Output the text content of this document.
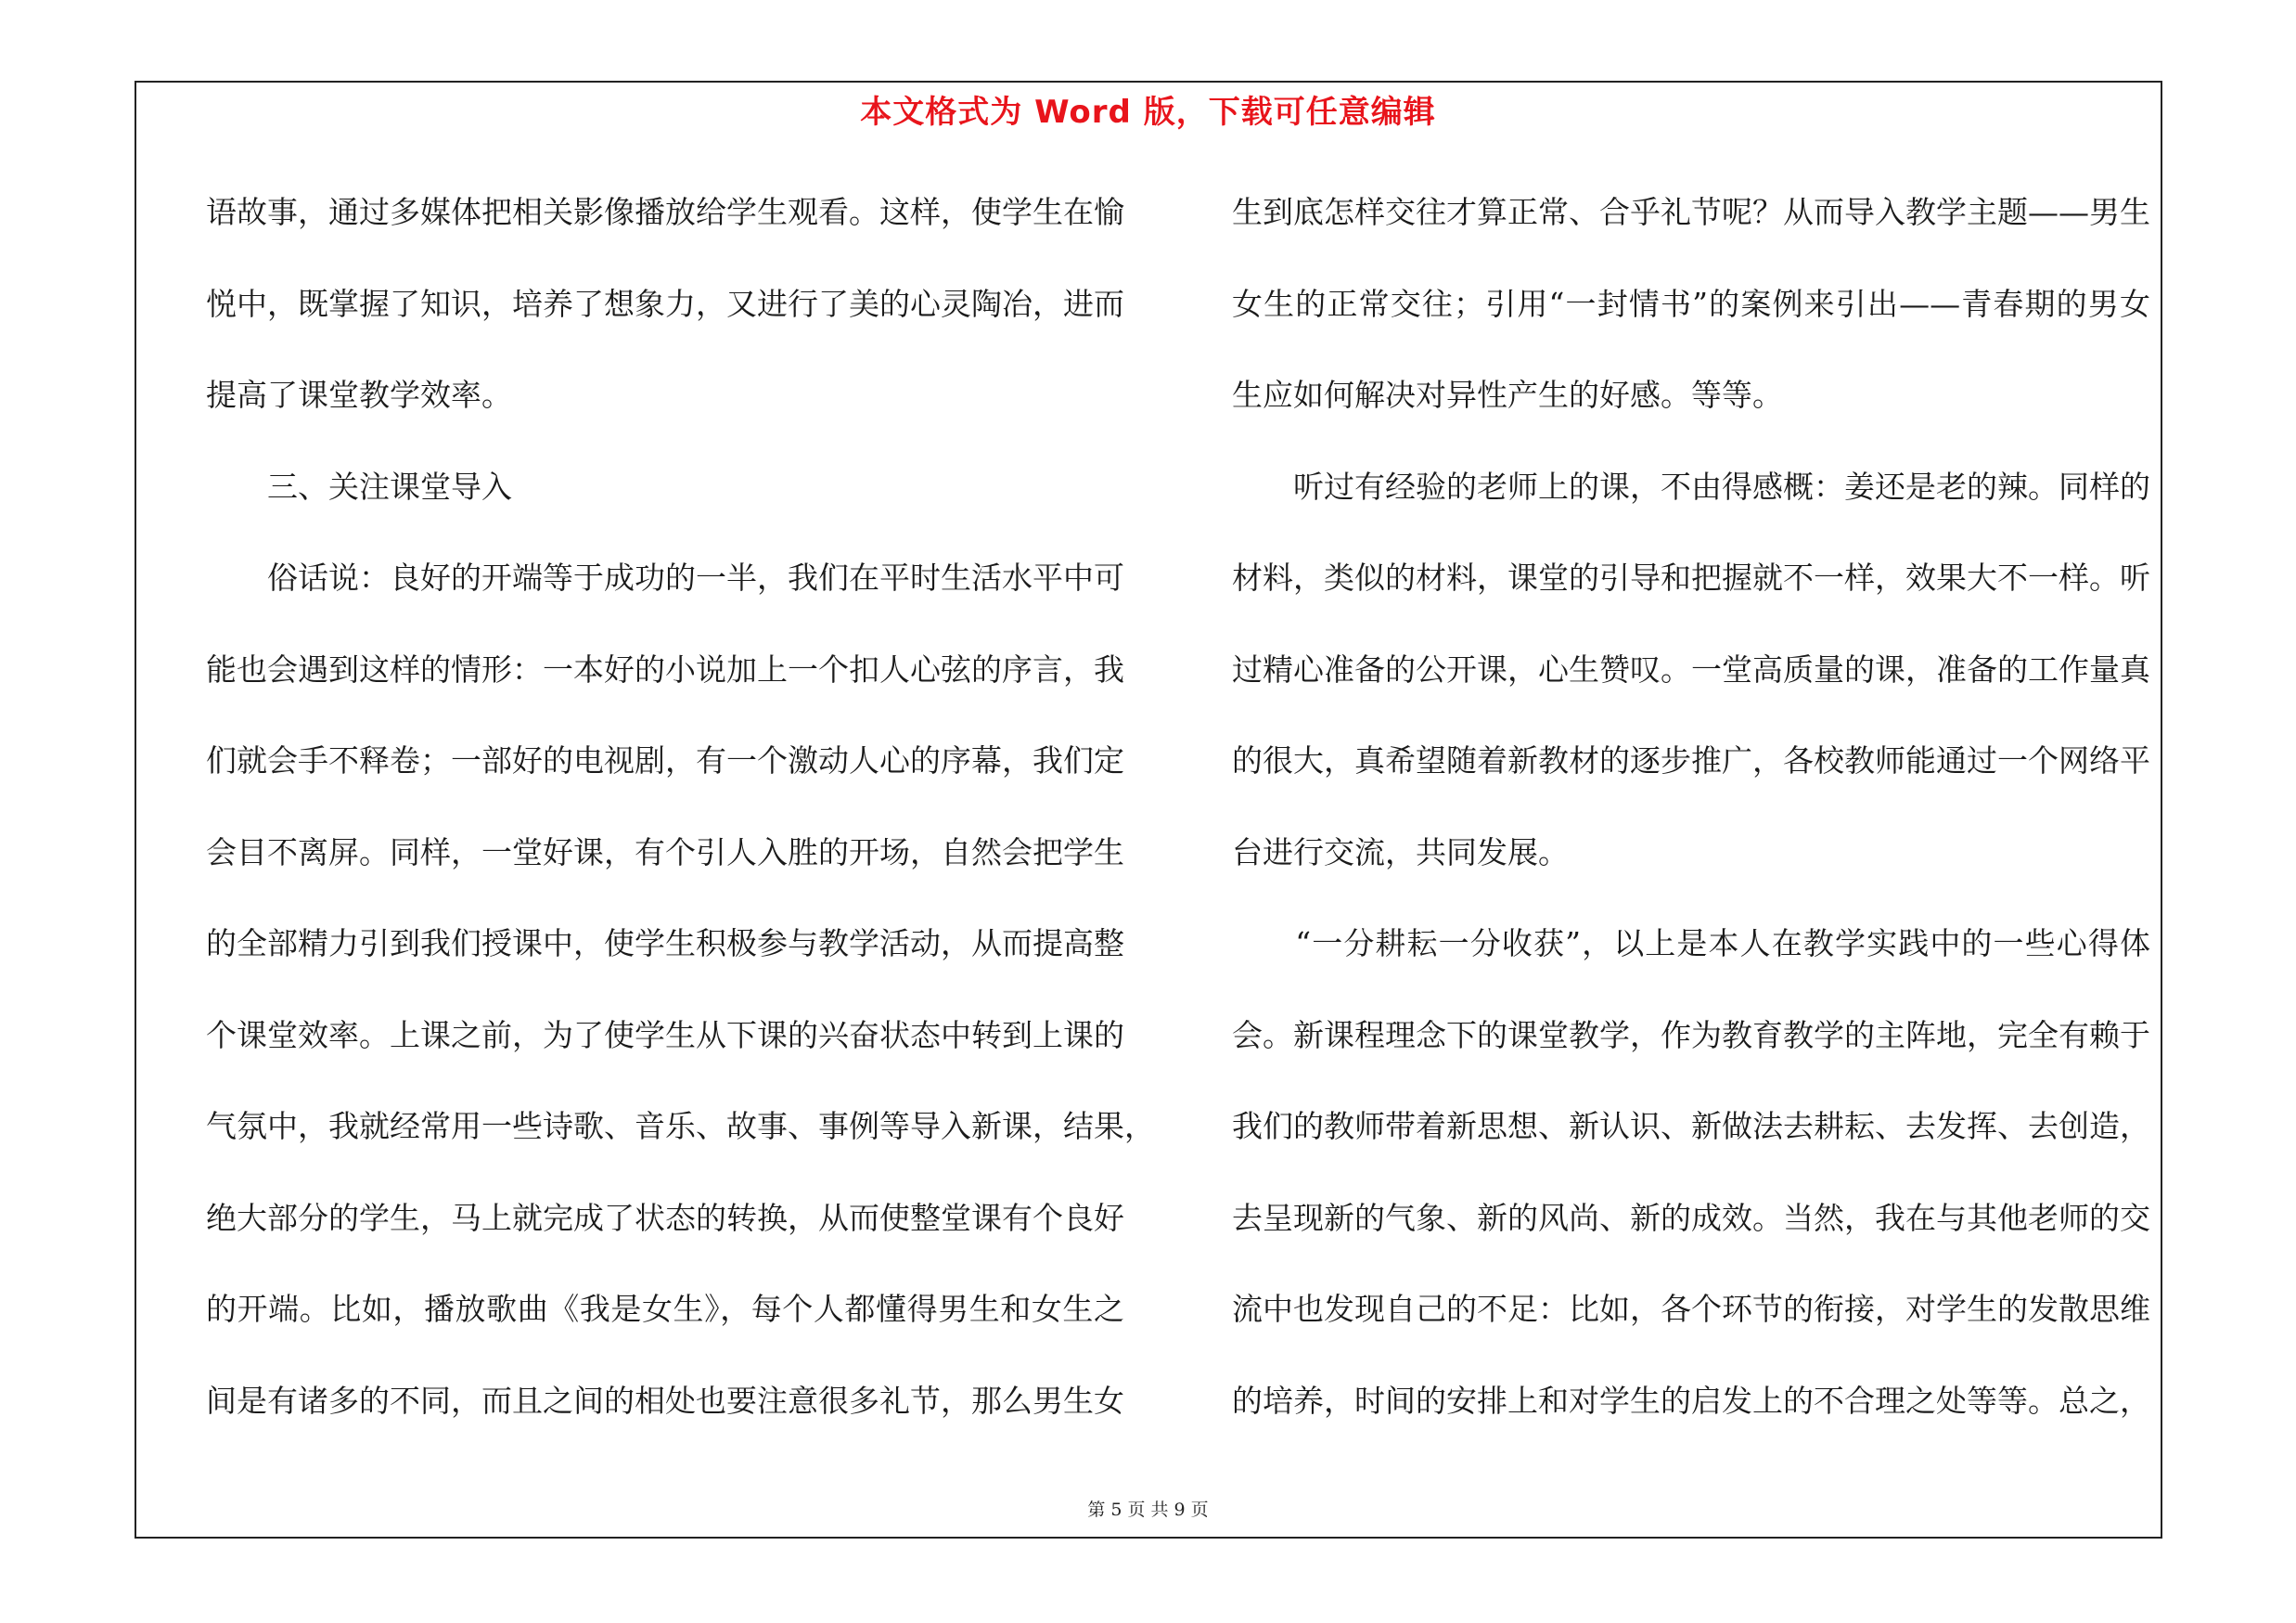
本文格式为 Word 版，下载可任意编辑
语故事，通过多媒体把相关影像播放给学生观看。这样，使学生在愉
悦中，既掌握了知识，培养了想象力，又进行了美的心灵陶冶，进而
提高了课堂教学效率。
　　三、关注课堂导入
　　俗话说：良好的开端等于成功的一半，我们在平时生活水平中可
能也会遇到这样的情形：一本好的小说加上一个扣人心弦的序言，我
们就会手不释卷；一部好的电视剧，有一个激动人心的序幕，我们定
会目不离屏。同样，一堂好课，有个引人入胜的开场，自然会把学生
的全部精力引到我们授课中，使学生积极参与教学活动，从而提高整
个课堂效率。上课之前，为了使学生从下课的兴奋状态中转到上课的
气氛中，我就经常用一些诗歌、音乐、故事、事例等导入新课，结果，
绝大部分的学生，马上就完成了状态的转换，从而使整堂课有个良好
的开端。比如，播放歌曲《我是女生》，每个人都懂得男生和女生之
间是有诸多的不同，而且之间的相处也要注意很多礼节，那么男生女
生到底怎样交往才算正常、合乎礼节呢？从而导入教学主题——男生
女生的正常交往；引用“一封情书”的案例来引出——青春期的男女
生应如何解决对异性产生的好感。等等。
　　听过有经验的老师上的课，不由得感概：姜还是老的辣。同样的
材料，类似的材料，课堂的引导和把握就不一样，效果大不一样。听
过精心准备的公开课，心生赞叹。一堂高质量的课，准备的工作量真
的很大，真希望随着新教材的逐步推广，各校教师能通过一个网络平
台进行交流，共同发展。
　　“一分耕耘一分收获”，以上是本人在教学实践中的一些心得体
会。新课程理念下的课堂教学，作为教育教学的主阵地，完全有赖于
我们的教师带着新思想、新认识、新做法去耕耘、去发挥、去创造，
去呈现新的气象、新的风尚、新的成效。当然，我在与其他老师的交
流中也发现自己的不足：比如，各个环节的衔接，对学生的发散思维
的培养，时间的安排上和对学生的启发上的不合理之处等等。总之，
第 5 页 共 9 页
